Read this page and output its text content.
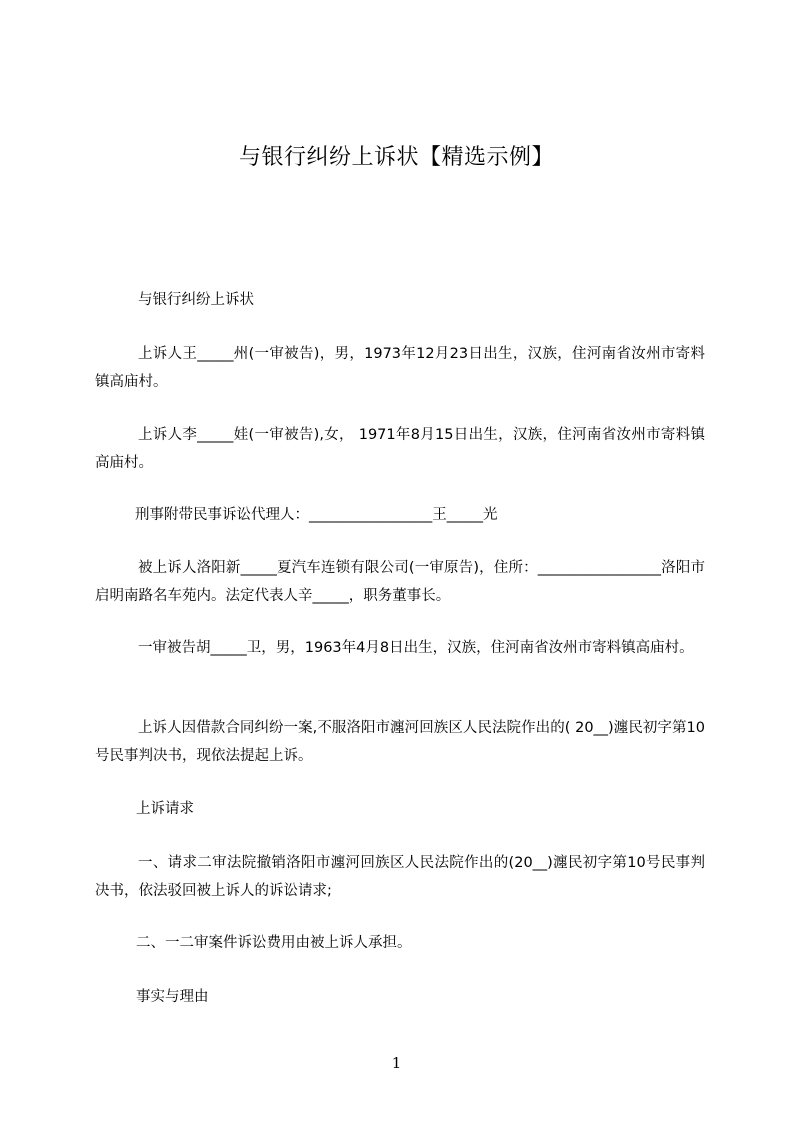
与银行纠纷上诉状【精选示例】
与银行纠纷上诉状
上诉人王_____州(一审被告)，男，1973年12月23日出生，汉族，住河南省汝州市寄料镇高庙村。
上诉人李_____娃(一审被告),女， 1971年8月15日出生，汉族，住河南省汝州市寄料镇高庙村。
刑事附带民事诉讼代理人：_________________王_____光
被上诉人洛阳新_____夏汽车连锁有限公司(一审原告)，住所：_________________洛阳市启明南路名车苑内。法定代表人辛_____，职务董事长。
一审被告胡_____卫，男，1963年4月8日出生，汉族，住河南省汝州市寄料镇高庙村。
上诉人因借款合同纠纷一案,不服洛阳市瀍河回族区人民法院作出的( 20__)瀍民初字第10号民事判决书，现依法提起上诉。
上诉请求
一、请求二审法院撤销洛阳市瀍河回族区人民法院作出的(20__)瀍民初字第10号民事判决书，依法驳回被上诉人的诉讼请求;
二、一二审案件诉讼费用由被上诉人承担。
事实与理由
1
